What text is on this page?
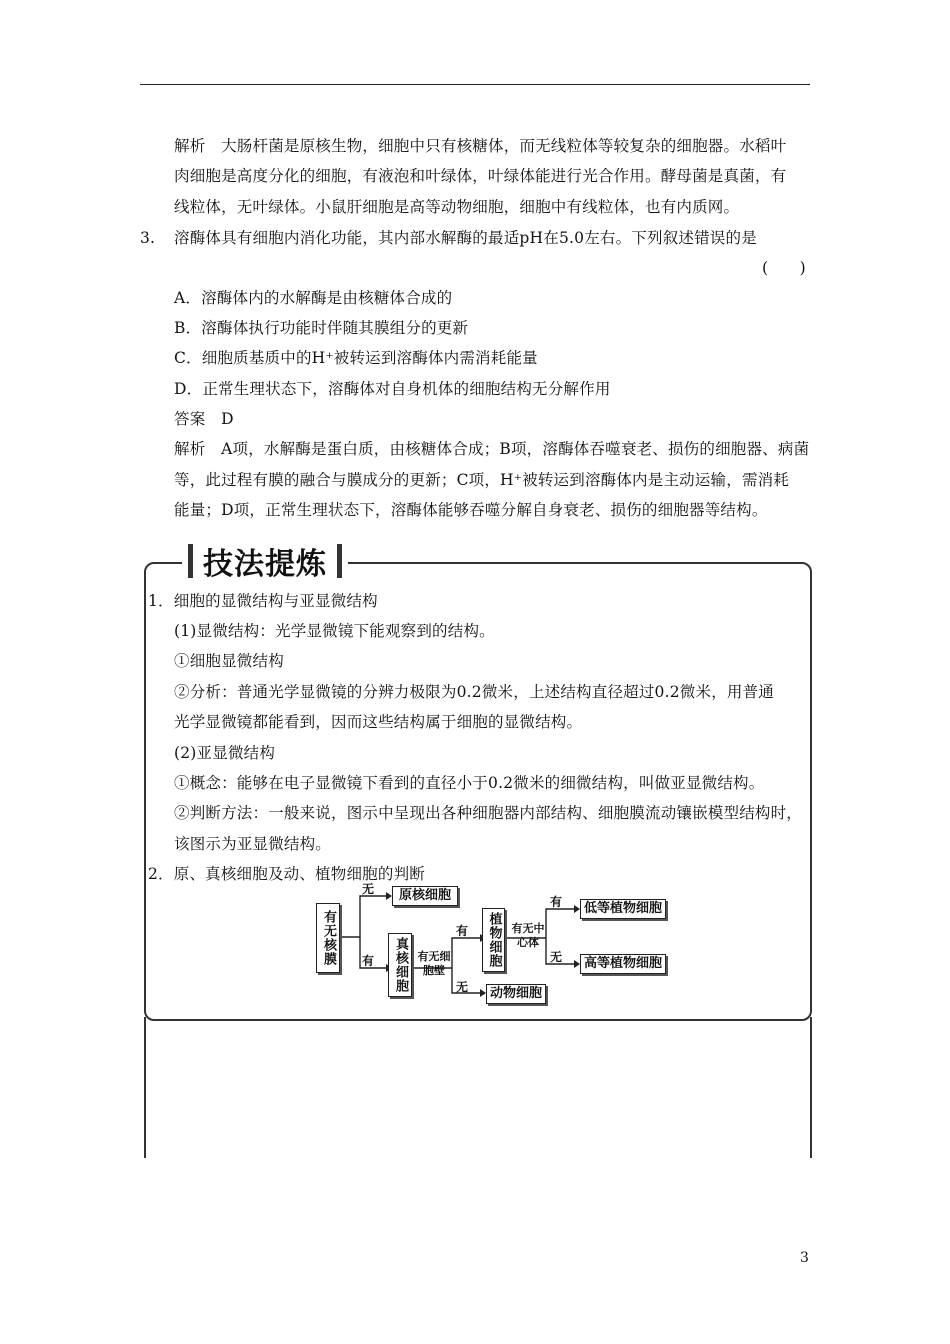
解析　大肠杆菌是原核生物，细胞中只有核糖体，而无线粒体等较复杂的细胞器。水稻叶
肉细胞是高度分化的细胞，有液泡和叶绿体，叶绿体能进行光合作用。酵母菌是真菌，有
线粒体，无叶绿体。小鼠肝细胞是高等动物细胞，细胞中有线粒体，也有内质网。
3. 溶酶体具有细胞内消化功能，其内部水解酶的最适pH在5.0左右。下列叙述错误的是
(　　)
A．溶酶体内的水解酶是由核糖体合成的
B．溶酶体执行功能时伴随其膜组分的更新
C．细胞质基质中的H⁺被转运到溶酶体内需消耗能量
D．正常生理状态下，溶酶体对自身机体的细胞结构无分解作用
答案　D
解析　A项，水解酶是蛋白质，由核糖体合成；B项，溶酶体吞噬衰老、损伤的细胞器、病菌
等，此过程有膜的融合与膜成分的更新；C项，H⁺被转运到溶酶体内是主动运输，需消耗
能量；D项，正常生理状态下，溶酶体能够吞噬分解自身衰老、损伤的细胞器等结构。
技法提炼
1．细胞的显微结构与亚显微结构
(1)显微结构：光学显微镜下能观察到的结构。
①细胞显微结构
②分析：普通光学显微镜的分辨力极限为0.2微米，上述结构直径超过0.2微米，用普通
光学显微镜都能看到，因而这些结构属于细胞的显微结构。
(2)亚显微结构
①概念：能够在电子显微镜下看到的直径小于0.2微米的细微结构，叫做亚显微结构。
②判断方法：一般来说，图示中呈现出各种细胞器内部结构、细胞膜流动镶嵌模型结构时，
该图示为亚显微结构。
2．原、真核细胞及动、植物细胞的判断
有无核膜
无	原核细胞
有	真核细胞 有无细胞壁
有
无
植物细胞
动物细胞
有无中心体
有
无
低等植物细胞
高等植物细胞
3
